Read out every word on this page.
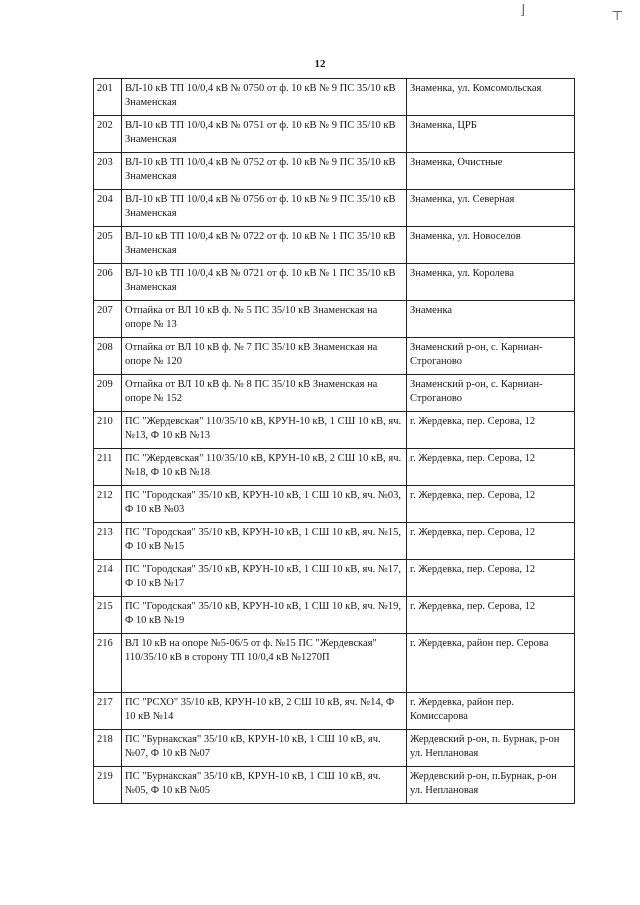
⌋	⊤
12
201	ВЛ-10 кВ ТП 10/0,4 кВ № 0750 от ф. 10 кВ № 9 ПС 35/10 кВ Знаменская	Знаменка, ул. Комсомольская
202	ВЛ-10 кВ ТП 10/0,4 кВ № 0751 от ф. 10 кВ № 9 ПС 35/10 кВ Знаменская	Знаменка, ЦРБ
203	ВЛ-10 кВ ТП 10/0,4 кВ № 0752 от ф. 10 кВ № 9 ПС 35/10 кВ Знаменская	Знаменка, Очистные
204	ВЛ-10 кВ ТП 10/0,4 кВ № 0756 от ф. 10 кВ № 9 ПС 35/10 кВ Знаменская	Знаменка, ул. Северная
205	ВЛ-10 кВ ТП 10/0,4 кВ № 0722 от ф. 10 кВ № 1 ПС 35/10 кВ Знаменская	Знаменка, ул. Новоселов
206	ВЛ-10 кВ ТП 10/0,4 кВ № 0721 от ф. 10 кВ № 1 ПС 35/10 кВ Знаменская	Знаменка, ул. Королева
207	Отпайка от ВЛ 10 кВ ф. № 5 ПС 35/10 кВ Знаменская на опоре № 13	Знаменка
208	Отпайка от ВЛ 10 кВ ф. № 7 ПС 35/10 кВ Знаменская на опоре № 120	Знаменский р-он, с. Карниан-Строганово
209	Отпайка от ВЛ 10 кВ ф. № 8 ПС 35/10 кВ Знаменская на опоре № 152	Знаменский р-он, с. Карниан-Строганово
210	ПС "Жердевская" 110/35/10 кВ, КРУН-10 кВ, 1 СШ 10 кВ, яч. №13, Ф 10 кВ №13	г. Жердевка, пер. Серова, 12
211	ПС "Жердевская" 110/35/10 кВ, КРУН-10 кВ, 2 СШ 10 кВ, яч. №18, Ф 10 кВ №18	г. Жердевка, пер. Серова, 12
212	ПС "Городская" 35/10 кВ, КРУН-10 кВ, 1 СШ 10 кВ, яч. №03, Ф 10 кВ №03	г. Жердевка, пер. Серова, 12
213	ПС "Городская" 35/10 кВ, КРУН-10 кВ, 1 СШ 10 кВ, яч. №15, Ф 10 кВ №15	г. Жердевка, пер. Серова, 12
214	ПС "Городская" 35/10 кВ, КРУН-10 кВ, 1 СШ 10 кВ, яч. №17, Ф 10 кВ №17	г. Жердевка, пер. Серова, 12
215	ПС "Городская" 35/10 кВ, КРУН-10 кВ, 1 СШ 10 кВ, яч. №19, Ф 10 кВ №19	г. Жердевка, пер. Серова, 12
216	ВЛ 10 кВ на опоре №5-06/5 от ф. №15 ПС "Жердевская" 110/35/10 кВ в сторону ТП 10/0,4 кВ №1270П	г. Жердевка, район пер. Серова
217	ПС "РСХО" 35/10 кВ, КРУН-10 кВ, 2 СШ 10 кВ, яч. №14, Ф 10 кВ №14	г. Жердевка, район пер. Комиссарова
218	ПС "Бурнакская" 35/10 кВ, КРУН-10 кВ, 1 СШ 10 кВ, яч. №07, Ф 10 кВ №07	Жердевский р-он, п. Бурнак, р-он ул. Неплановая
219	ПС "Бурнакская" 35/10 кВ, КРУН-10 кВ, 1 СШ 10 кВ, яч. №05, Ф 10 кВ №05	Жердевский р-он, п.Бурнак, р-он ул. Неплановая
